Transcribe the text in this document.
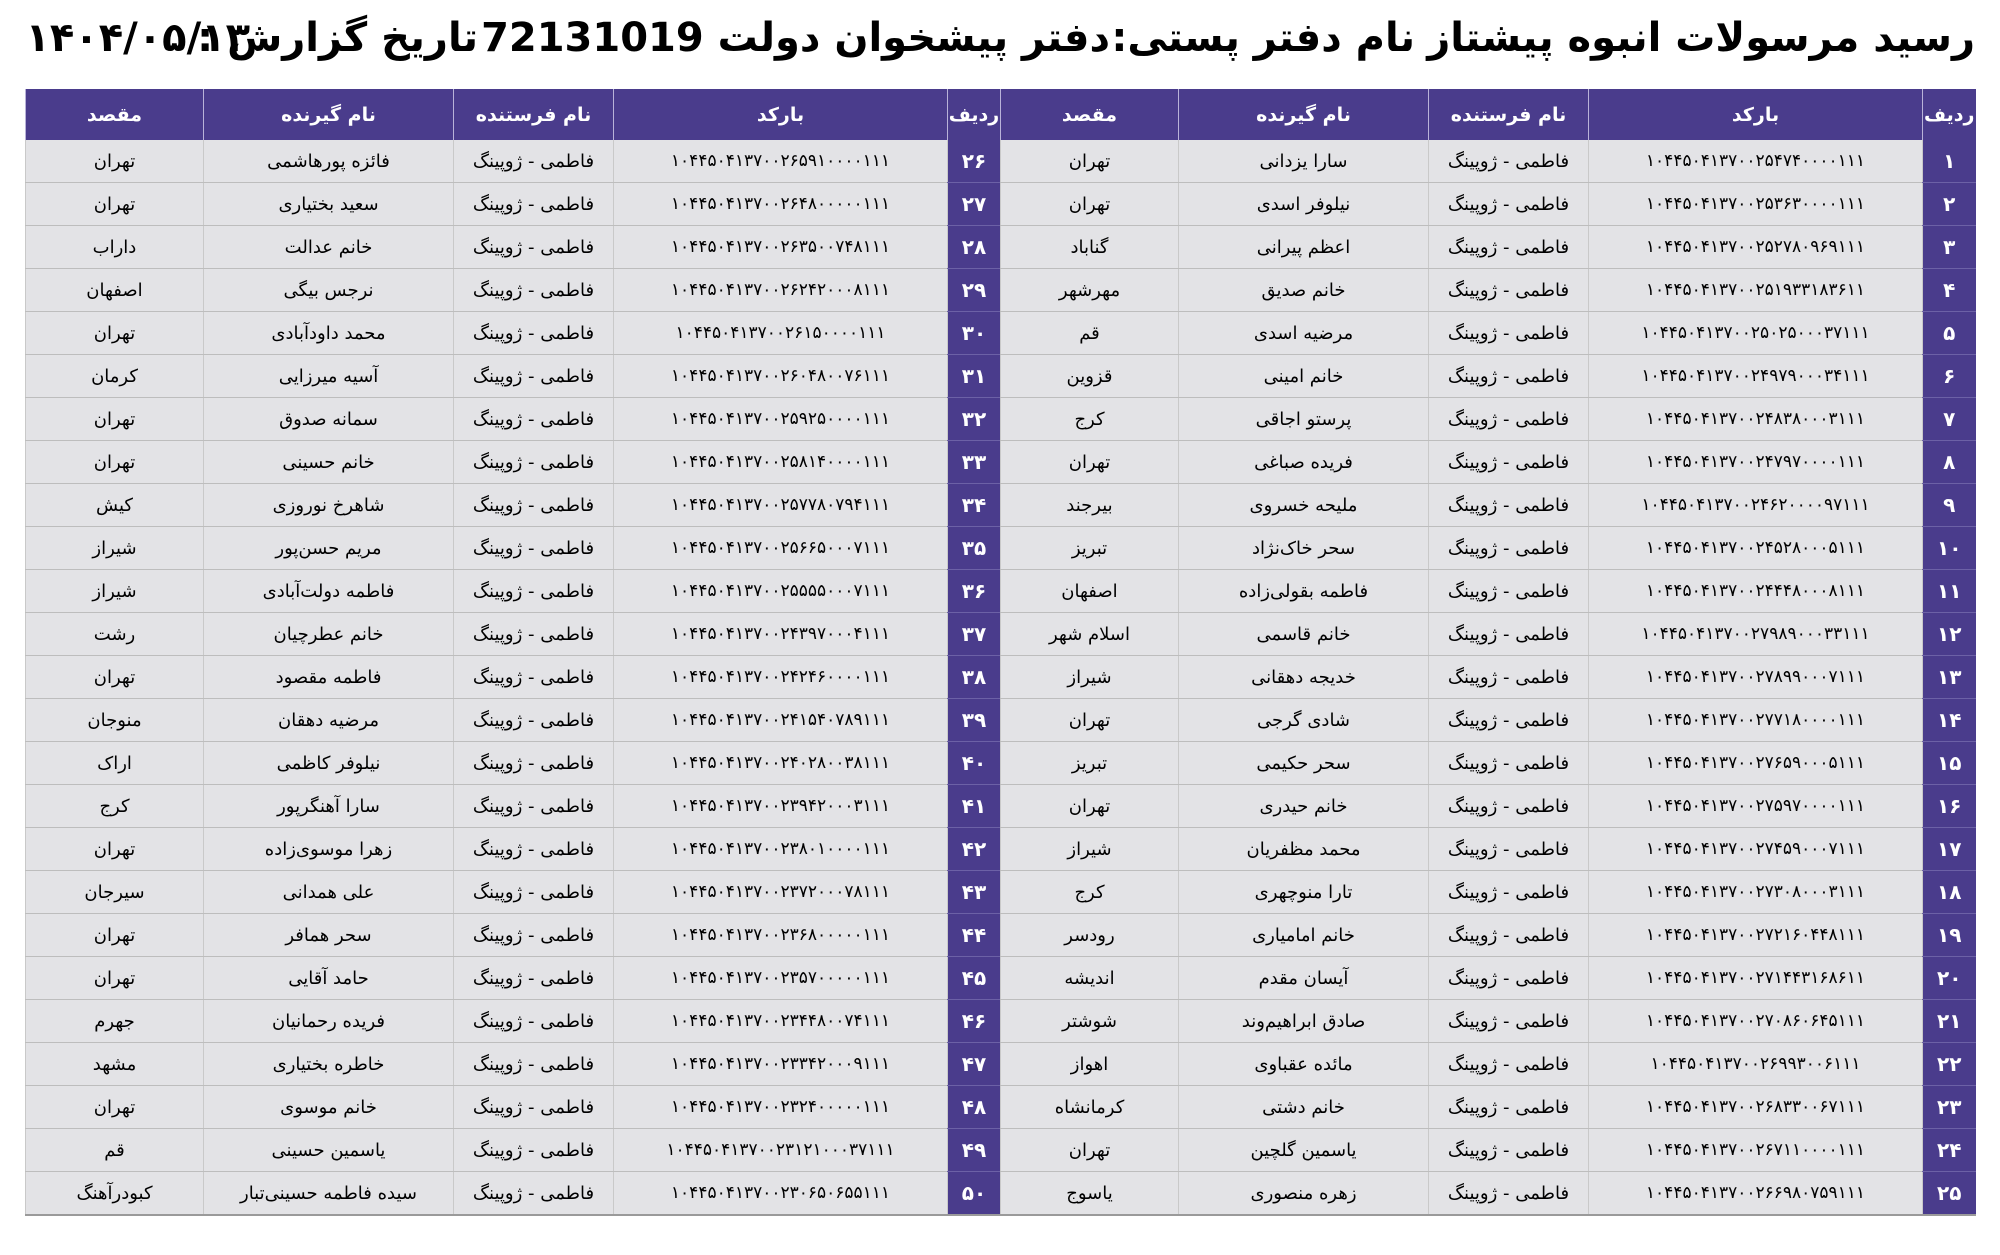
رسید مرسولات انبوه پیشتاز
نام دفتر پستی:
دفتر پیشخوان دولت 72131019
تاریخ گزارش :
۱۴۰۴/۰۵/۱۳
ردیف	بارکد	نام فرستنده	نام گیرنده	مقصد	ردیف	بارکد	نام فرستنده	نام گیرنده	مقصد
۱	۱۰۴۴۵۰۴۱۳۷۰۰۲۵۴۷۴۰۰۰۰۱۱۱	فاطمی - ژوپینگ	سارا یزدانی	تهران	۲۶	۱۰۴۴۵۰۴۱۳۷۰۰۲۶۵۹۱۰۰۰۰۱۱۱	فاطمی - ژوپینگ	فائزه پورهاشمی	تهران
۲	۱۰۴۴۵۰۴۱۳۷۰۰۲۵۳۶۳۰۰۰۰۱۱۱	فاطمی - ژوپینگ	نیلوفر اسدی	تهران	۲۷	۱۰۴۴۵۰۴۱۳۷۰۰۲۶۴۸۰۰۰۰۰۱۱۱	فاطمی - ژوپینگ	سعید بختیاری	تهران
۳	۱۰۴۴۵۰۴۱۳۷۰۰۲۵۲۷۸۰۹۶۹۱۱۱	فاطمی - ژوپینگ	اعظم پیرانی	گناباد	۲۸	۱۰۴۴۵۰۴۱۳۷۰۰۲۶۳۵۰۰۷۴۸۱۱۱	فاطمی - ژوپینگ	خانم عدالت	داراب
۴	۱۰۴۴۵۰۴۱۳۷۰۰۲۵۱۹۳۳۱۸۳۶۱۱	فاطمی - ژوپینگ	خانم صدیق	مهرشهر	۲۹	۱۰۴۴۵۰۴۱۳۷۰۰۲۶۲۴۲۰۰۰۸۱۱۱	فاطمی - ژوپینگ	نرجس بیگی	اصفهان
۵	۱۰۴۴۵۰۴۱۳۷۰۰۲۵۰۲۵۰۰۰۳۷۱۱۱	فاطمی - ژوپینگ	مرضیه اسدی	قم	۳۰	۱۰۴۴۵۰۴۱۳۷۰۰۲۶۱۵۰۰۰۰۱۱۱	فاطمی - ژوپینگ	محمد داودآبادی	تهران
۶	۱۰۴۴۵۰۴۱۳۷۰۰۲۴۹۷۹۰۰۰۳۴۱۱۱	فاطمی - ژوپینگ	خانم امینی	قزوین	۳۱	۱۰۴۴۵۰۴۱۳۷۰۰۲۶۰۴۸۰۰۷۶۱۱۱	فاطمی - ژوپینگ	آسیه میرزایی	کرمان
۷	۱۰۴۴۵۰۴۱۳۷۰۰۲۴۸۳۸۰۰۰۳۱۱۱	فاطمی - ژوپینگ	پرستو اجاقی	کرج	۳۲	۱۰۴۴۵۰۴۱۳۷۰۰۲۵۹۲۵۰۰۰۰۱۱۱	فاطمی - ژوپینگ	سمانه صدوق	تهران
۸	۱۰۴۴۵۰۴۱۳۷۰۰۲۴۷۹۷۰۰۰۰۱۱۱	فاطمی - ژوپینگ	فریده صباغی	تهران	۳۳	۱۰۴۴۵۰۴۱۳۷۰۰۲۵۸۱۴۰۰۰۰۱۱۱	فاطمی - ژوپینگ	خانم حسینی	تهران
۹	۱۰۴۴۵۰۴۱۳۷۰۰۲۴۶۲۰۰۰۰۹۷۱۱۱	فاطمی - ژوپینگ	ملیحه خسروی	بیرجند	۳۴	۱۰۴۴۵۰۴۱۳۷۰۰۲۵۷۷۸۰۷۹۴۱۱۱	فاطمی - ژوپینگ	شاهرخ نوروزی	کیش
۱۰	۱۰۴۴۵۰۴۱۳۷۰۰۲۴۵۲۸۰۰۰۵۱۱۱	فاطمی - ژوپینگ	سحر خاک‌نژاد	تبریز	۳۵	۱۰۴۴۵۰۴۱۳۷۰۰۲۵۶۶۵۰۰۰۷۱۱۱	فاطمی - ژوپینگ	مریم حسن‌پور	شیراز
۱۱	۱۰۴۴۵۰۴۱۳۷۰۰۲۴۴۴۸۰۰۰۸۱۱۱	فاطمی - ژوپینگ	فاطمه بقولی‌زاده	اصفهان	۳۶	۱۰۴۴۵۰۴۱۳۷۰۰۲۵۵۵۵۰۰۰۷۱۱۱	فاطمی - ژوپینگ	فاطمه دولت‌آبادی	شیراز
۱۲	۱۰۴۴۵۰۴۱۳۷۰۰۲۷۹۸۹۰۰۰۳۳۱۱۱	فاطمی - ژوپینگ	خانم قاسمی	اسلام شهر	۳۷	۱۰۴۴۵۰۴۱۳۷۰۰۲۴۳۹۷۰۰۰۴۱۱۱	فاطمی - ژوپینگ	خانم عطرچیان	رشت
۱۳	۱۰۴۴۵۰۴۱۳۷۰۰۲۷۸۹۹۰۰۰۷۱۱۱	فاطمی - ژوپینگ	خدیجه دهقانی	شیراز	۳۸	۱۰۴۴۵۰۴۱۳۷۰۰۲۴۲۴۶۰۰۰۰۱۱۱	فاطمی - ژوپینگ	فاطمه مقصود	تهران
۱۴	۱۰۴۴۵۰۴۱۳۷۰۰۲۷۷۱۸۰۰۰۰۱۱۱	فاطمی - ژوپینگ	شادی گرجی	تهران	۳۹	۱۰۴۴۵۰۴۱۳۷۰۰۲۴۱۵۴۰۷۸۹۱۱۱	فاطمی - ژوپینگ	مرضیه دهقان	منوجان
۱۵	۱۰۴۴۵۰۴۱۳۷۰۰۲۷۶۵۹۰۰۰۵۱۱۱	فاطمی - ژوپینگ	سحر حکیمی	تبریز	۴۰	۱۰۴۴۵۰۴۱۳۷۰۰۲۴۰۲۸۰۰۳۸۱۱۱	فاطمی - ژوپینگ	نیلوفر کاظمی	اراک
۱۶	۱۰۴۴۵۰۴۱۳۷۰۰۲۷۵۹۷۰۰۰۰۱۱۱	فاطمی - ژوپینگ	خانم حیدری	تهران	۴۱	۱۰۴۴۵۰۴۱۳۷۰۰۲۳۹۴۲۰۰۰۳۱۱۱	فاطمی - ژوپینگ	سارا آهنگرپور	کرج
۱۷	۱۰۴۴۵۰۴۱۳۷۰۰۲۷۴۵۹۰۰۰۷۱۱۱	فاطمی - ژوپینگ	محمد مظفریان	شیراز	۴۲	۱۰۴۴۵۰۴۱۳۷۰۰۲۳۸۰۱۰۰۰۰۱۱۱	فاطمی - ژوپینگ	زهرا موسوی‌زاده	تهران
۱۸	۱۰۴۴۵۰۴۱۳۷۰۰۲۷۳۰۸۰۰۰۳۱۱۱	فاطمی - ژوپینگ	تارا منوچهری	کرج	۴۳	۱۰۴۴۵۰۴۱۳۷۰۰۲۳۷۲۰۰۰۷۸۱۱۱	فاطمی - ژوپینگ	علی همدانی	سیرجان
۱۹	۱۰۴۴۵۰۴۱۳۷۰۰۲۷۲۱۶۰۴۴۸۱۱۱	فاطمی - ژوپینگ	خانم امامیاری	رودسر	۴۴	۱۰۴۴۵۰۴۱۳۷۰۰۲۳۶۸۰۰۰۰۰۱۱۱	فاطمی - ژوپینگ	سحر همافر	تهران
۲۰	۱۰۴۴۵۰۴۱۳۷۰۰۲۷۱۴۴۳۱۶۸۶۱۱	فاطمی - ژوپینگ	آیسان مقدم	اندیشه	۴۵	۱۰۴۴۵۰۴۱۳۷۰۰۲۳۵۷۰۰۰۰۰۱۱۱	فاطمی - ژوپینگ	حامد آقایی	تهران
۲۱	۱۰۴۴۵۰۴۱۳۷۰۰۲۷۰۸۶۰۶۴۵۱۱۱	فاطمی - ژوپینگ	صادق ابراهیم‌وند	شوشتر	۴۶	۱۰۴۴۵۰۴۱۳۷۰۰۲۳۴۴۸۰۰۷۴۱۱۱	فاطمی - ژوپینگ	فریده رحمانیان	جهرم
۲۲	۱۰۴۴۵۰۴۱۳۷۰۰۲۶۹۹۳۰۰۶۱۱۱	فاطمی - ژوپینگ	مائده عقباوی	اهواز	۴۷	۱۰۴۴۵۰۴۱۳۷۰۰۲۳۳۴۲۰۰۰۹۱۱۱	فاطمی - ژوپینگ	خاطره بختیاری	مشهد
۲۳	۱۰۴۴۵۰۴۱۳۷۰۰۲۶۸۳۳۰۰۶۷۱۱۱	فاطمی - ژوپینگ	خانم دشتی	کرمانشاه	۴۸	۱۰۴۴۵۰۴۱۳۷۰۰۲۳۲۴۰۰۰۰۰۱۱۱	فاطمی - ژوپینگ	خانم موسوی	تهران
۲۴	۱۰۴۴۵۰۴۱۳۷۰۰۲۶۷۱۱۰۰۰۰۱۱۱	فاطمی - ژوپینگ	یاسمین گلچین	تهران	۴۹	۱۰۴۴۵۰۴۱۳۷۰۰۲۳۱۲۱۰۰۰۳۷۱۱۱	فاطمی - ژوپینگ	یاسمین حسینی	قم
۲۵	۱۰۴۴۵۰۴۱۳۷۰۰۲۶۶۹۸۰۷۵۹۱۱۱	فاطمی - ژوپینگ	زهره منصوری	یاسوج	۵۰	۱۰۴۴۵۰۴۱۳۷۰۰۲۳۰۶۵۰۶۵۵۱۱۱	فاطمی - ژوپینگ	سیده فاطمه حسینی‌تبار	کبودرآهنگ
